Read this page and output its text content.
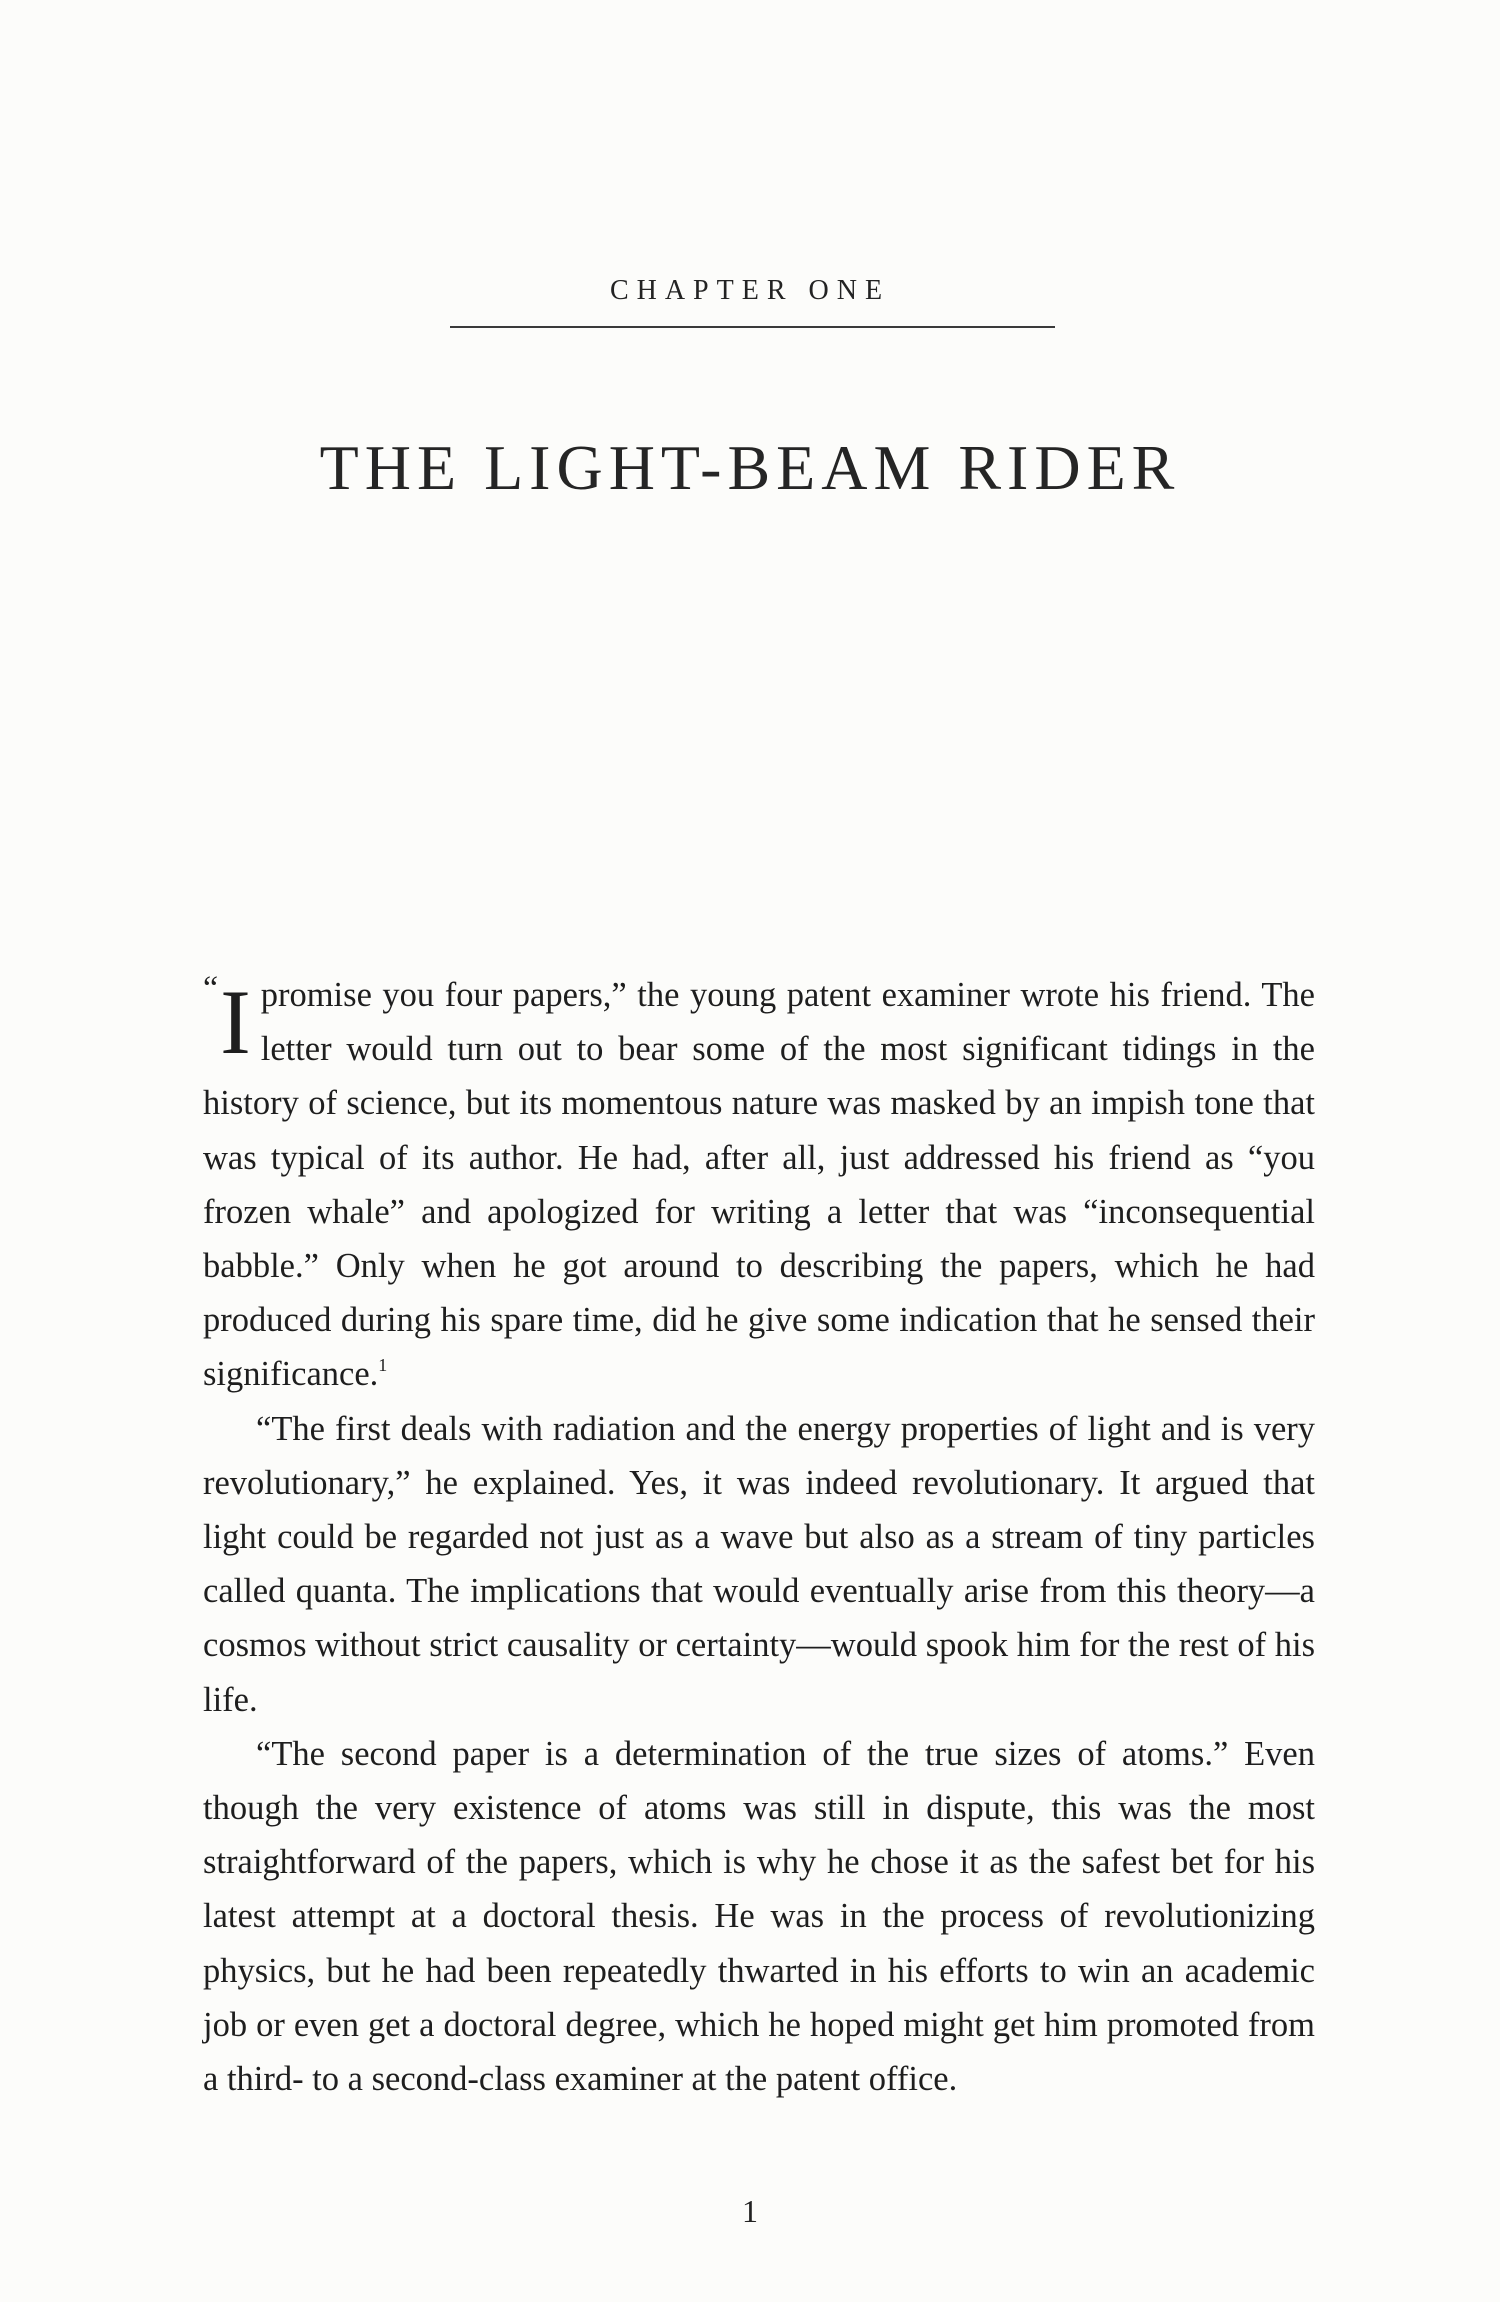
CHAPTER ONE
THE LIGHT-BEAM RIDER

“ I promise you four papers,” the young patent examiner wrote his friend. The letter would turn out to bear some of the most significant tidings in the history of science, but its momentous nature was masked by an impish tone that was typical of its author. He had, after all, just addressed his friend as “you frozen whale” and apologized for writing a letter that was “inconsequential babble.” Only when he got around to describing the papers, which he had produced during his spare time, did he give some indication that he sensed their significance.$^1$

“The first deals with radiation and the energy properties of light and is very revolutionary,” he explained. Yes, it was indeed revolutionary. It argued that light could be regarded not just as a wave but also as a stream of tiny particles called quanta. The implications that would eventually arise from this theory—a cosmos without strict causality or certainty—would spook him for the rest of his life.

“The second paper is a determination of the true sizes of atoms.” Even though the very existence of atoms was still in dispute, this was the most straightforward of the papers, which is why he chose it as the safest bet for his latest attempt at a doctoral thesis. He was in the process of revolutionizing physics, but he had been repeatedly thwarted in his efforts to win an academic job or even get a doctoral degree, which he hoped might get him promoted from a third- to a second-class examiner at the patent office.

1
